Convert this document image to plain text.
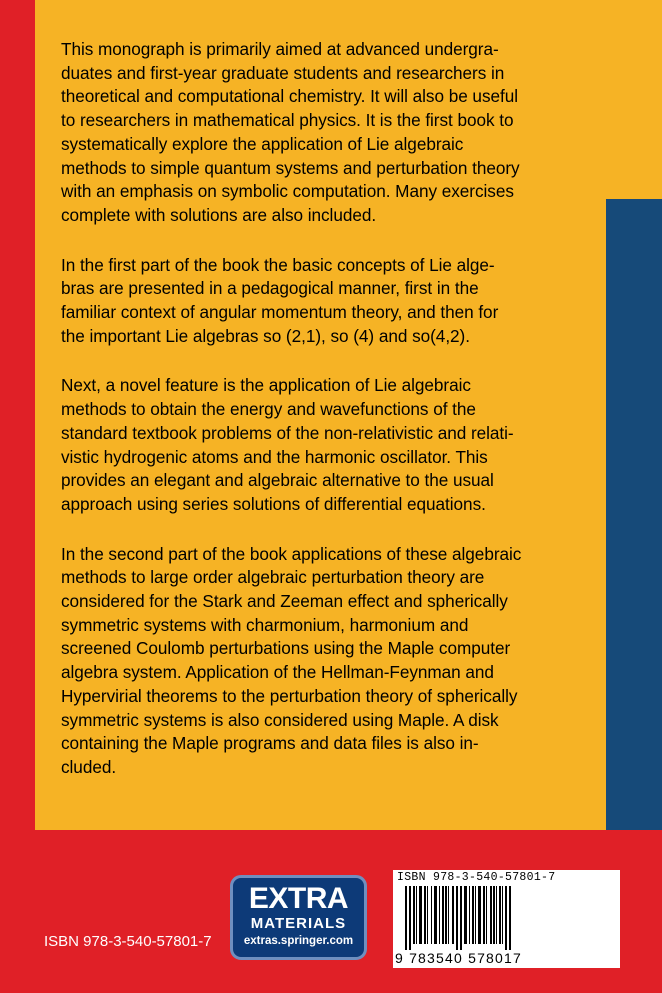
This monograph is primarily aimed at advanced undergra-
duates and first-year graduate students and researchers in
theoretical and computational chemistry. It will also be useful
to researchers in mathematical physics. It is the first book to
systematically explore the application of Lie algebraic
methods to simple quantum systems and perturbation theory
with an emphasis on symbolic computation. Many exercises
complete with solutions are also included.

In the first part of the book the basic concepts of Lie alge-
bras are presented in a pedagogical manner, first in the
familiar context of angular momentum theory, and then for
the important Lie algebras so (2,1), so (4) and so(4,2).

Next, a novel feature is the application of Lie algebraic
methods to obtain the energy and wavefunctions of the
standard textbook problems of the non-relativistic and relati-
vistic hydrogenic atoms and the harmonic oscillator. This
provides an elegant and algebraic alternative to the usual
approach using series solutions of differential equations.

In the second part of the book applications of these algebraic
methods to large order algebraic perturbation theory are
considered for the Stark and Zeeman effect and spherically
symmetric systems with charmonium, harmonium and
screened Coulomb perturbations using the Maple computer
algebra system. Application of the Hellman-Feynman and
Hypervirial theorems to the perturbation theory of spherically
symmetric systems is also considered using Maple. A disk
containing the Maple programs and data files is also in-
cluded.

ISBN 978-3-540-57801-7
EXTRA
MATERIALS
extras.springer.com
ISBN 978-3-540-57801-7
9 783540 578017
